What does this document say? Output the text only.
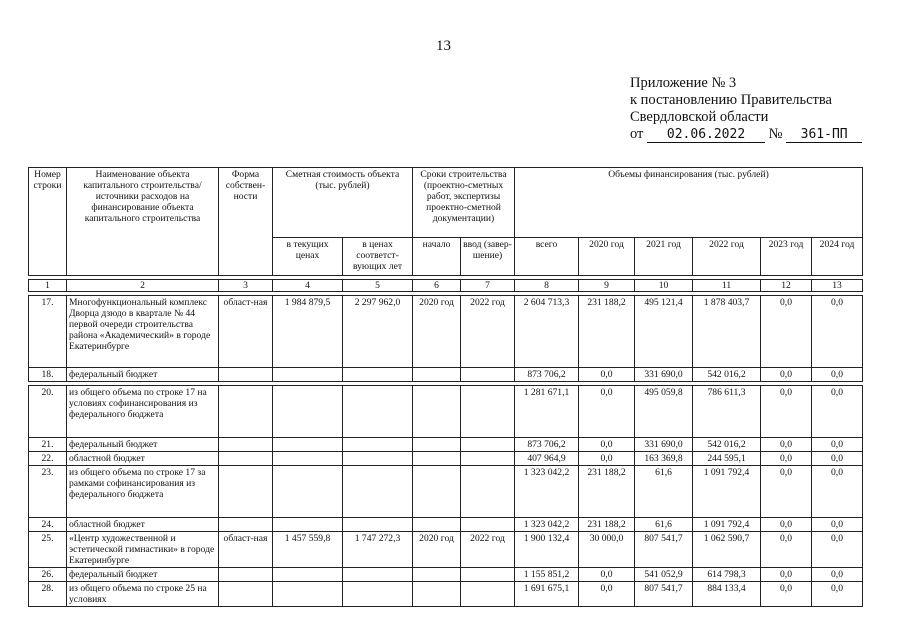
13
Приложение № 3
к постановлению Правительства
Свердловской области
от 02.06.2022 № 361-ПП
Номер строки	Наименование объекта капитального строительства/ источники расходов на финансирование объекта капитального строительства	Форма собствен-ности	Сметная стоимость объекта (тыс. рублей)		Сроки строительства (проектно-сметных работ, экспертизы проектно-сметной документации)		Объемы финансирования (тыс. рублей)					
			в текущих ценах	в ценах соответст-вующих лет	начало	ввод (завер-шение)	всего	2020 год	2021 год	2022 год	2023 год	2024 год

1	2	3	4	5	6	7	8	9	10	11	12	13

17.	Многофункциональный комплекс Дворца дзюдо в квартале № 44 первой очереди строительства района «Академический» в городе Екатеринбурге	област-ная	1 984 879,5	2 297 962,0	2020 год	2022 год	2 604 713,3	231 188,2	495 121,4	1 878 403,7	0,0	0,0
18.	федеральный бюджет						873 706,2	0,0	331 690,0	542 016,2	0,0	0,0

20.	из общего объема по строке 17 на условиях софинансирования из федерального бюджета						1 281 671,1	0,0	495 059,8	786 611,3	0,0	0,0
21.	федеральный бюджет						873 706,2	0,0	331 690,0	542 016,2	0,0	0,0
22.	областной бюджет						407 964,9	0,0	163 369,8	244 595,1	0,0	0,0
23.	из общего объема по строке 17 за рамками софинансирования из федерального бюджета						1 323 042,2	231 188,2	61,6	1 091 792,4	0,0	0,0
24.	областной бюджет						1 323 042,2	231 188,2	61,6	1 091 792,4	0,0	0,0
25.	«Центр художественной и эстетической гимнастики» в городе Екатеринбурге	област-ная	1 457 559,8	1 747 272,3	2020 год	2022 год	1 900 132,4	30 000,0	807 541,7	1 062 590,7	0,0	0,0
26.	федеральный бюджет						1 155 851,2	0,0	541 052,9	614 798,3	0,0	0,0
28.	из общего объема по строке 25 на условиях						1 691 675,1	0,0	807 541,7	884 133,4	0,0	0,0
